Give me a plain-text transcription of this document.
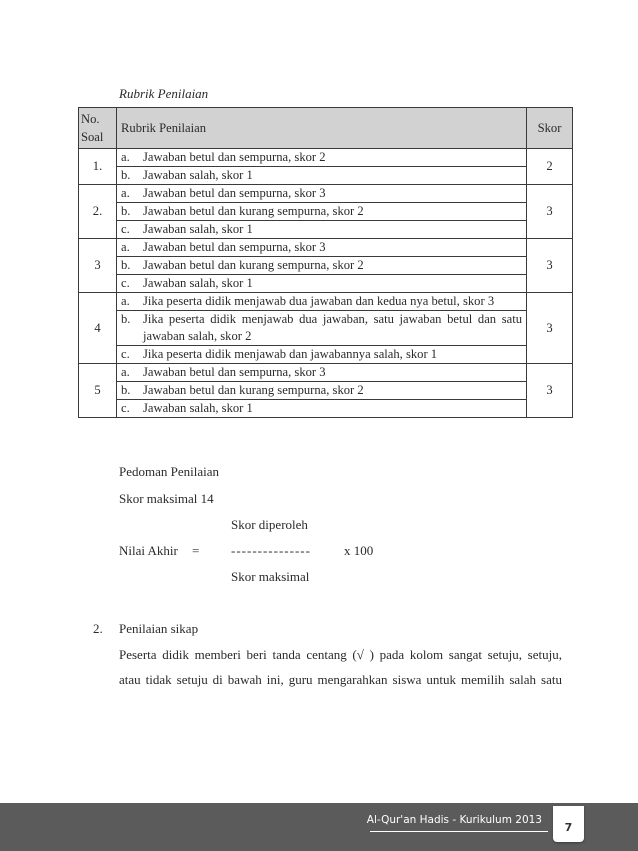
Rubrik Penilaian
No.
Soal	Rubrik Penilaian	Skor
1.	a. Jawaban betul dan sempurna, skor 2	2

	b. Jawaban salah, skor 1	

2.	a. Jawaban betul dan sempurna, skor 3	3

	b. Jawaban betul dan kurang sempurna, skor 2	

	c. Jawaban salah, skor 1	

3	a. Jawaban betul dan sempurna, skor 3	3

	b. Jawaban betul dan kurang sempurna, skor 2	

	c. Jawaban salah, skor 1	

4	a. Jika peserta didik menjawab dua jawaban dan kedua nya betul, skor 3	3

	b. Jika peserta didik menjawab dua jawaban, satu jawaban betul dan satu jawaban salah, skor 2	

	c. Jika peserta didik menjawab dan jawabannya salah, skor 1	

5	a. Jawaban betul dan sempurna, skor 3	3

	b. Jawaban betul dan kurang sempurna, skor 2	

	c. Jawaban salah, skor 1	
Pedoman Penilaian
Skor maksimal 14
Skor diperoleh
Nilai Akhir = ---------------	x 100
Skor maksimal
2. Penilaian sikap
Peserta didik memberi beri tanda centang (√ ) pada kolom sangat setuju, setuju,
atau tidak setuju di bawah ini, guru mengarahkan siswa untuk memilih salah satu
Al-Qur'an Hadis - Kurikulum 2013
7
